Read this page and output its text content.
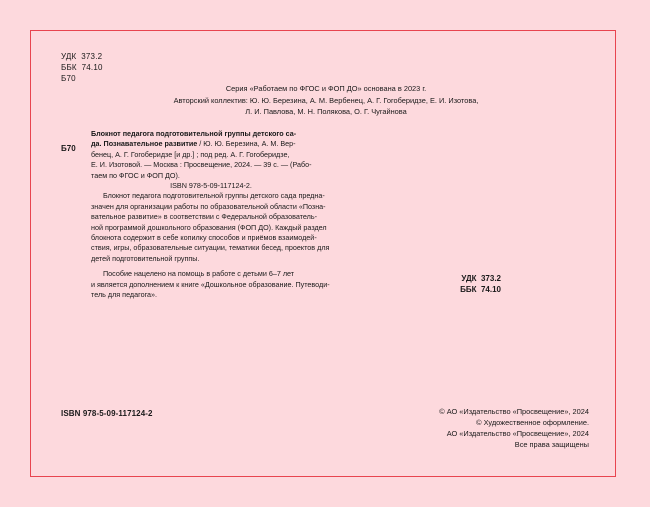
УДК  373.2
ББК  74.10
Б70
Серия «Работаем по ФГОС и ФОП ДО» основана в 2023 г.
Авторский коллектив: Ю. Ю. Березина, А. М. Вербенец, А. Г. Гогоберидзе, Е. И. Изотова,
Л. И. Павлова, М. Н. Полякова, О. Г. Чугайнова
Б70

Блокнот педагога подготовительной группы детского са-

да. Познавательное развитие / Ю. Ю. Березина, А. М. Вер-

бенец, А. Г. Гогоберидзе [и др.] ; под ред. А. Г. Гогоберидзе,

Е. И. Изотовой. — Москва : Просвещение, 2024. — 39 с. — (Рабо-

таем по ФГОС и ФОП ДО).

ISBN 978-5-09-117124-2.

Блокнот педагога подготовительной группы детского сада предна-

значен для организации работы по образовательной области «Позна-

вательное развитие» в соответствии с Федеральной образователь-

ной программой дошкольного образования (ФОП ДО). Каждый раздел

блокнота содержит в себе копилку способов и приёмов взаимодей-

ствия, игры, образовательные ситуации, тематики бесед, проектов для

детей подготовительной группы.

Пособие нацелено на помощь в работе с детьми 6–7 лет

и является дополнением к книге «Дошкольное образование. Путеводи-

тель для педагога».

УДК  373.2
ББК  74.10
ISBN 978-5-09-117124-2	© АО «Издательство «Просвещение», 2024
© Художественное оформление.
АО «Издательство «Просвещение», 2024
Все права защищены
